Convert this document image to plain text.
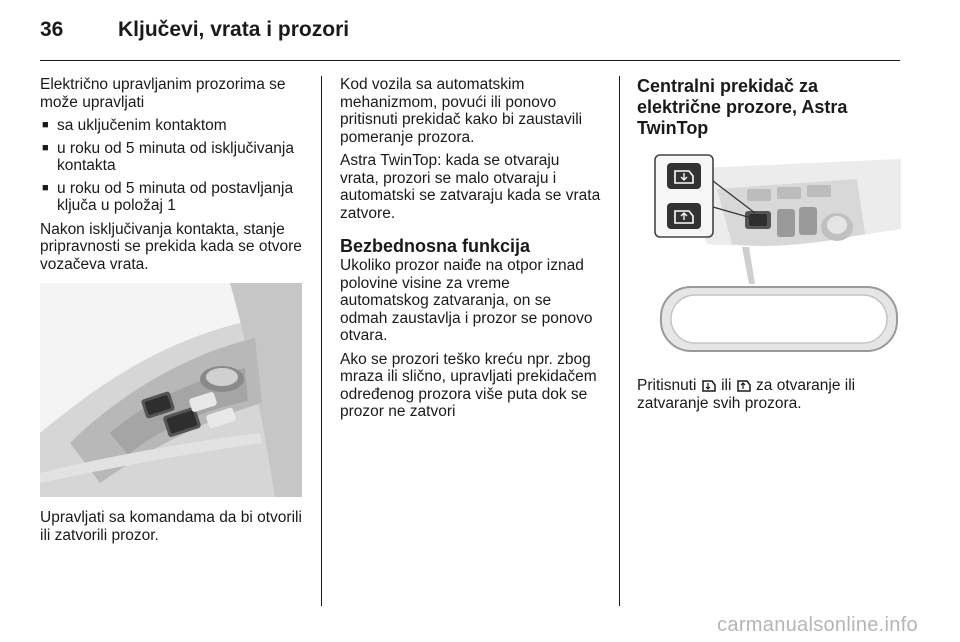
36	Ključevi, vrata i prozori

Električno upravljanim prozorima se može upravljati

■ sa uključenim kontaktom
■ u roku od 5 minuta od isključivanja kontakta
■ u roku od 5 minuta od postavljanja ključa u položaj 1

Nakon isključivanja kontakta, stanje pripravnosti se prekida kada se otvore vozačeva vrata.

Upravljati sa komandama da bi otvorili ili zatvorili prozor.

Kod vozila sa automatskim mehanizmom, povući ili ponovo pritisnuti prekidač kako bi zaustavili pomeranje prozora.

Astra TwinTop: kada se otvaraju vrata, prozori se malo otvaraju i automatski se zatvaraju kada se vrata zatvore.

Bezbednosna funkcija

Ukoliko prozor naiđe na otpor iznad polovine visine za vreme automatskog zatvaranja, on se odmah zaustavlja i prozor se ponovo otvara.

Ako se prozori teško kreću npr. zbog mraza ili slično, upravljati prekidačem određenog prozora više puta dok se prozor ne zatvori

Centralni prekidač za električne prozore, Astra TwinTop

Pritisnuti ili za otvaranje ili zatvaranje svih prozora.

carmanualsonline.info
